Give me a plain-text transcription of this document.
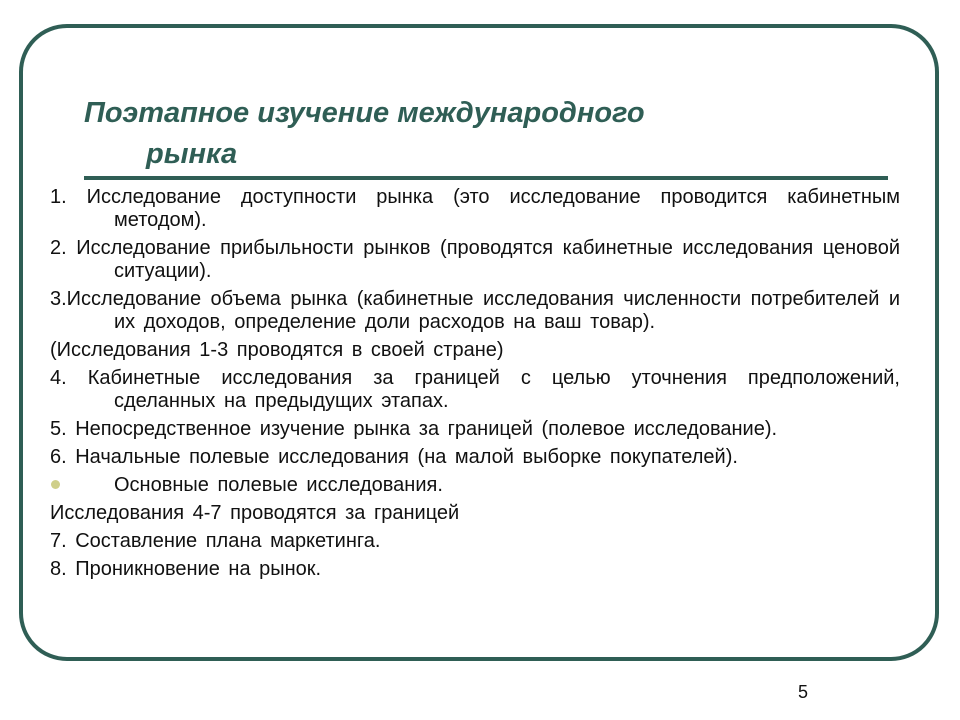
Поэтапное изучение международного
рынка
1. Исследование доступности рынка (это исследование проводится кабинетным методом).
2. Исследование прибыльности рынков (проводятся кабинетные исследования ценовой ситуации).
3.Исследование объема рынка (кабинетные исследования численности потребителей и их доходов, определение доли расходов на ваш товар).
(Исследования 1-3 проводятся в своей стране)
4. Кабинетные исследования за границей с целью уточнения предположений, сделанных на предыдущих этапах.
5. Непосредственное изучение рынка за границей (полевое исследование).
6. Начальные полевые исследования (на малой выборке покупателей).
Основные полевые исследования.
Исследования 4-7 проводятся за границей
7. Составление плана маркетинга.
8. Проникновение на рынок.
5
